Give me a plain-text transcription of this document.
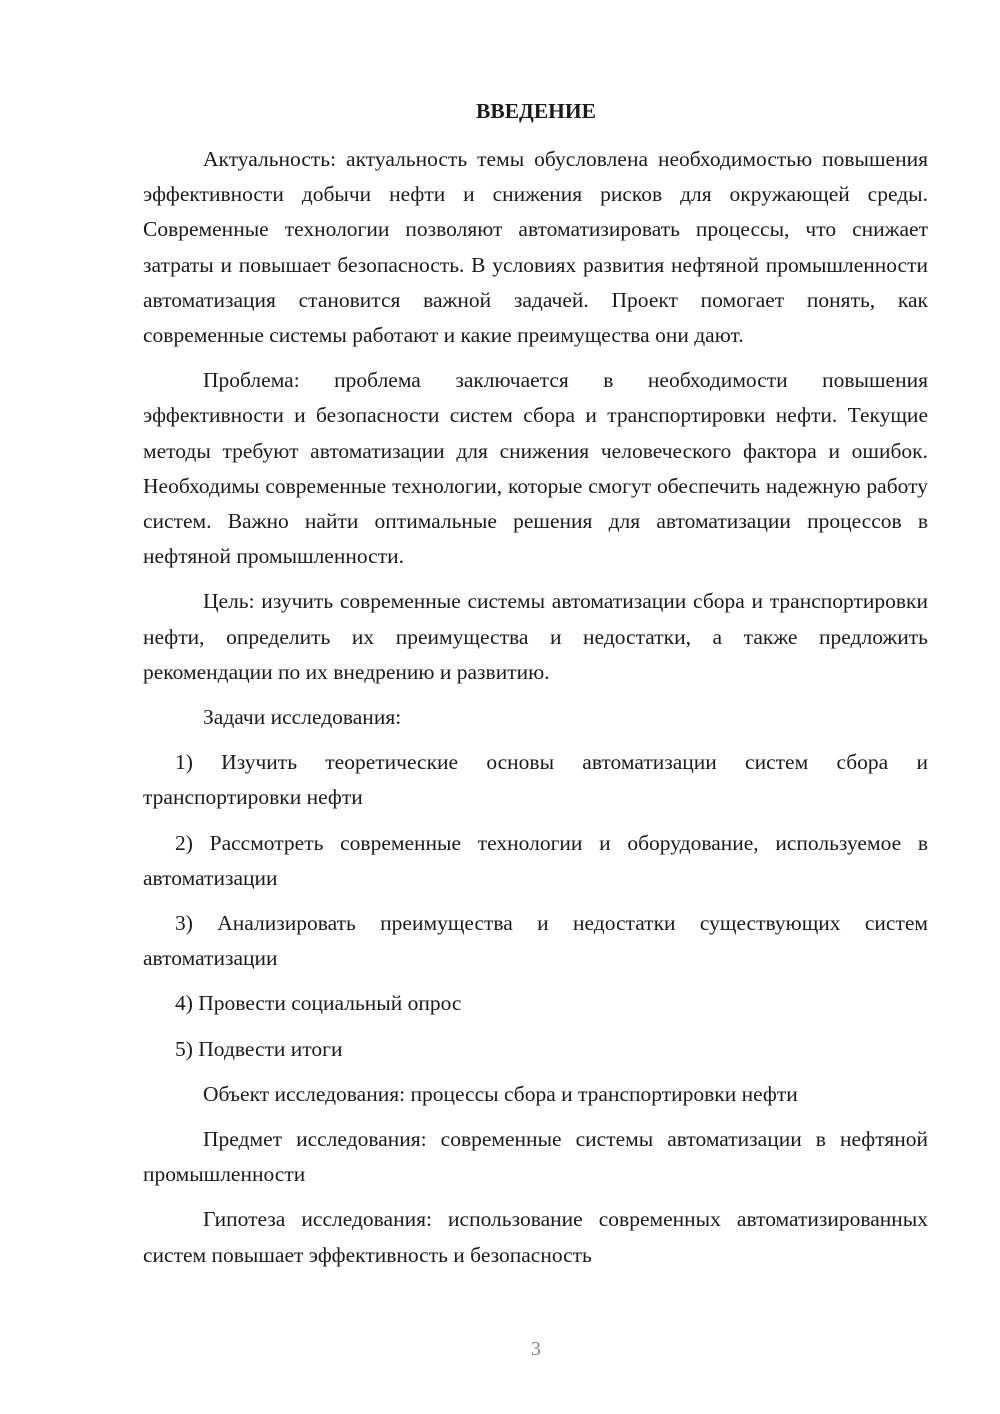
ВВЕДЕНИЕ

Актуальность: актуальность темы обусловлена необходимостью повышения эффективности добычи нефти и снижения рисков для окружающей среды. Современные технологии позволяют автоматизировать процессы, что снижает затраты и повышает безопасность. В условиях развития нефтяной промышленности автоматизация становится важной задачей. Проект помогает понять, как современные системы работают и какие преимущества они дают.

Проблема: проблема заключается в необходимости повышения эффективности и безопасности систем сбора и транспортировки нефти. Текущие методы требуют автоматизации для снижения человеческого фактора и ошибок. Необходимы современные технологии, которые смогут обеспечить надежную работу систем. Важно найти оптимальные решения для автоматизации процессов в нефтяной промышленности.

Цель: изучить современные системы автоматизации сбора и транспортировки нефти, определить их преимущества и недостатки, а также предложить рекомендации по их внедрению и развитию.

Задачи исследования:

1) Изучить теоретические основы автоматизации систем сбора и транспортировки нефти

2) Рассмотреть современные технологии и оборудование, используемое в автоматизации

3) Анализировать преимущества и недостатки существующих систем автоматизации

4) Провести социальный опрос

5) Подвести итоги

Объект исследования: процессы сбора и транспортировки нефти

Предмет исследования: современные системы автоматизации в нефтяной промышленности

Гипотеза исследования: использование современных автоматизированных систем повышает эффективность и безопасность

3
